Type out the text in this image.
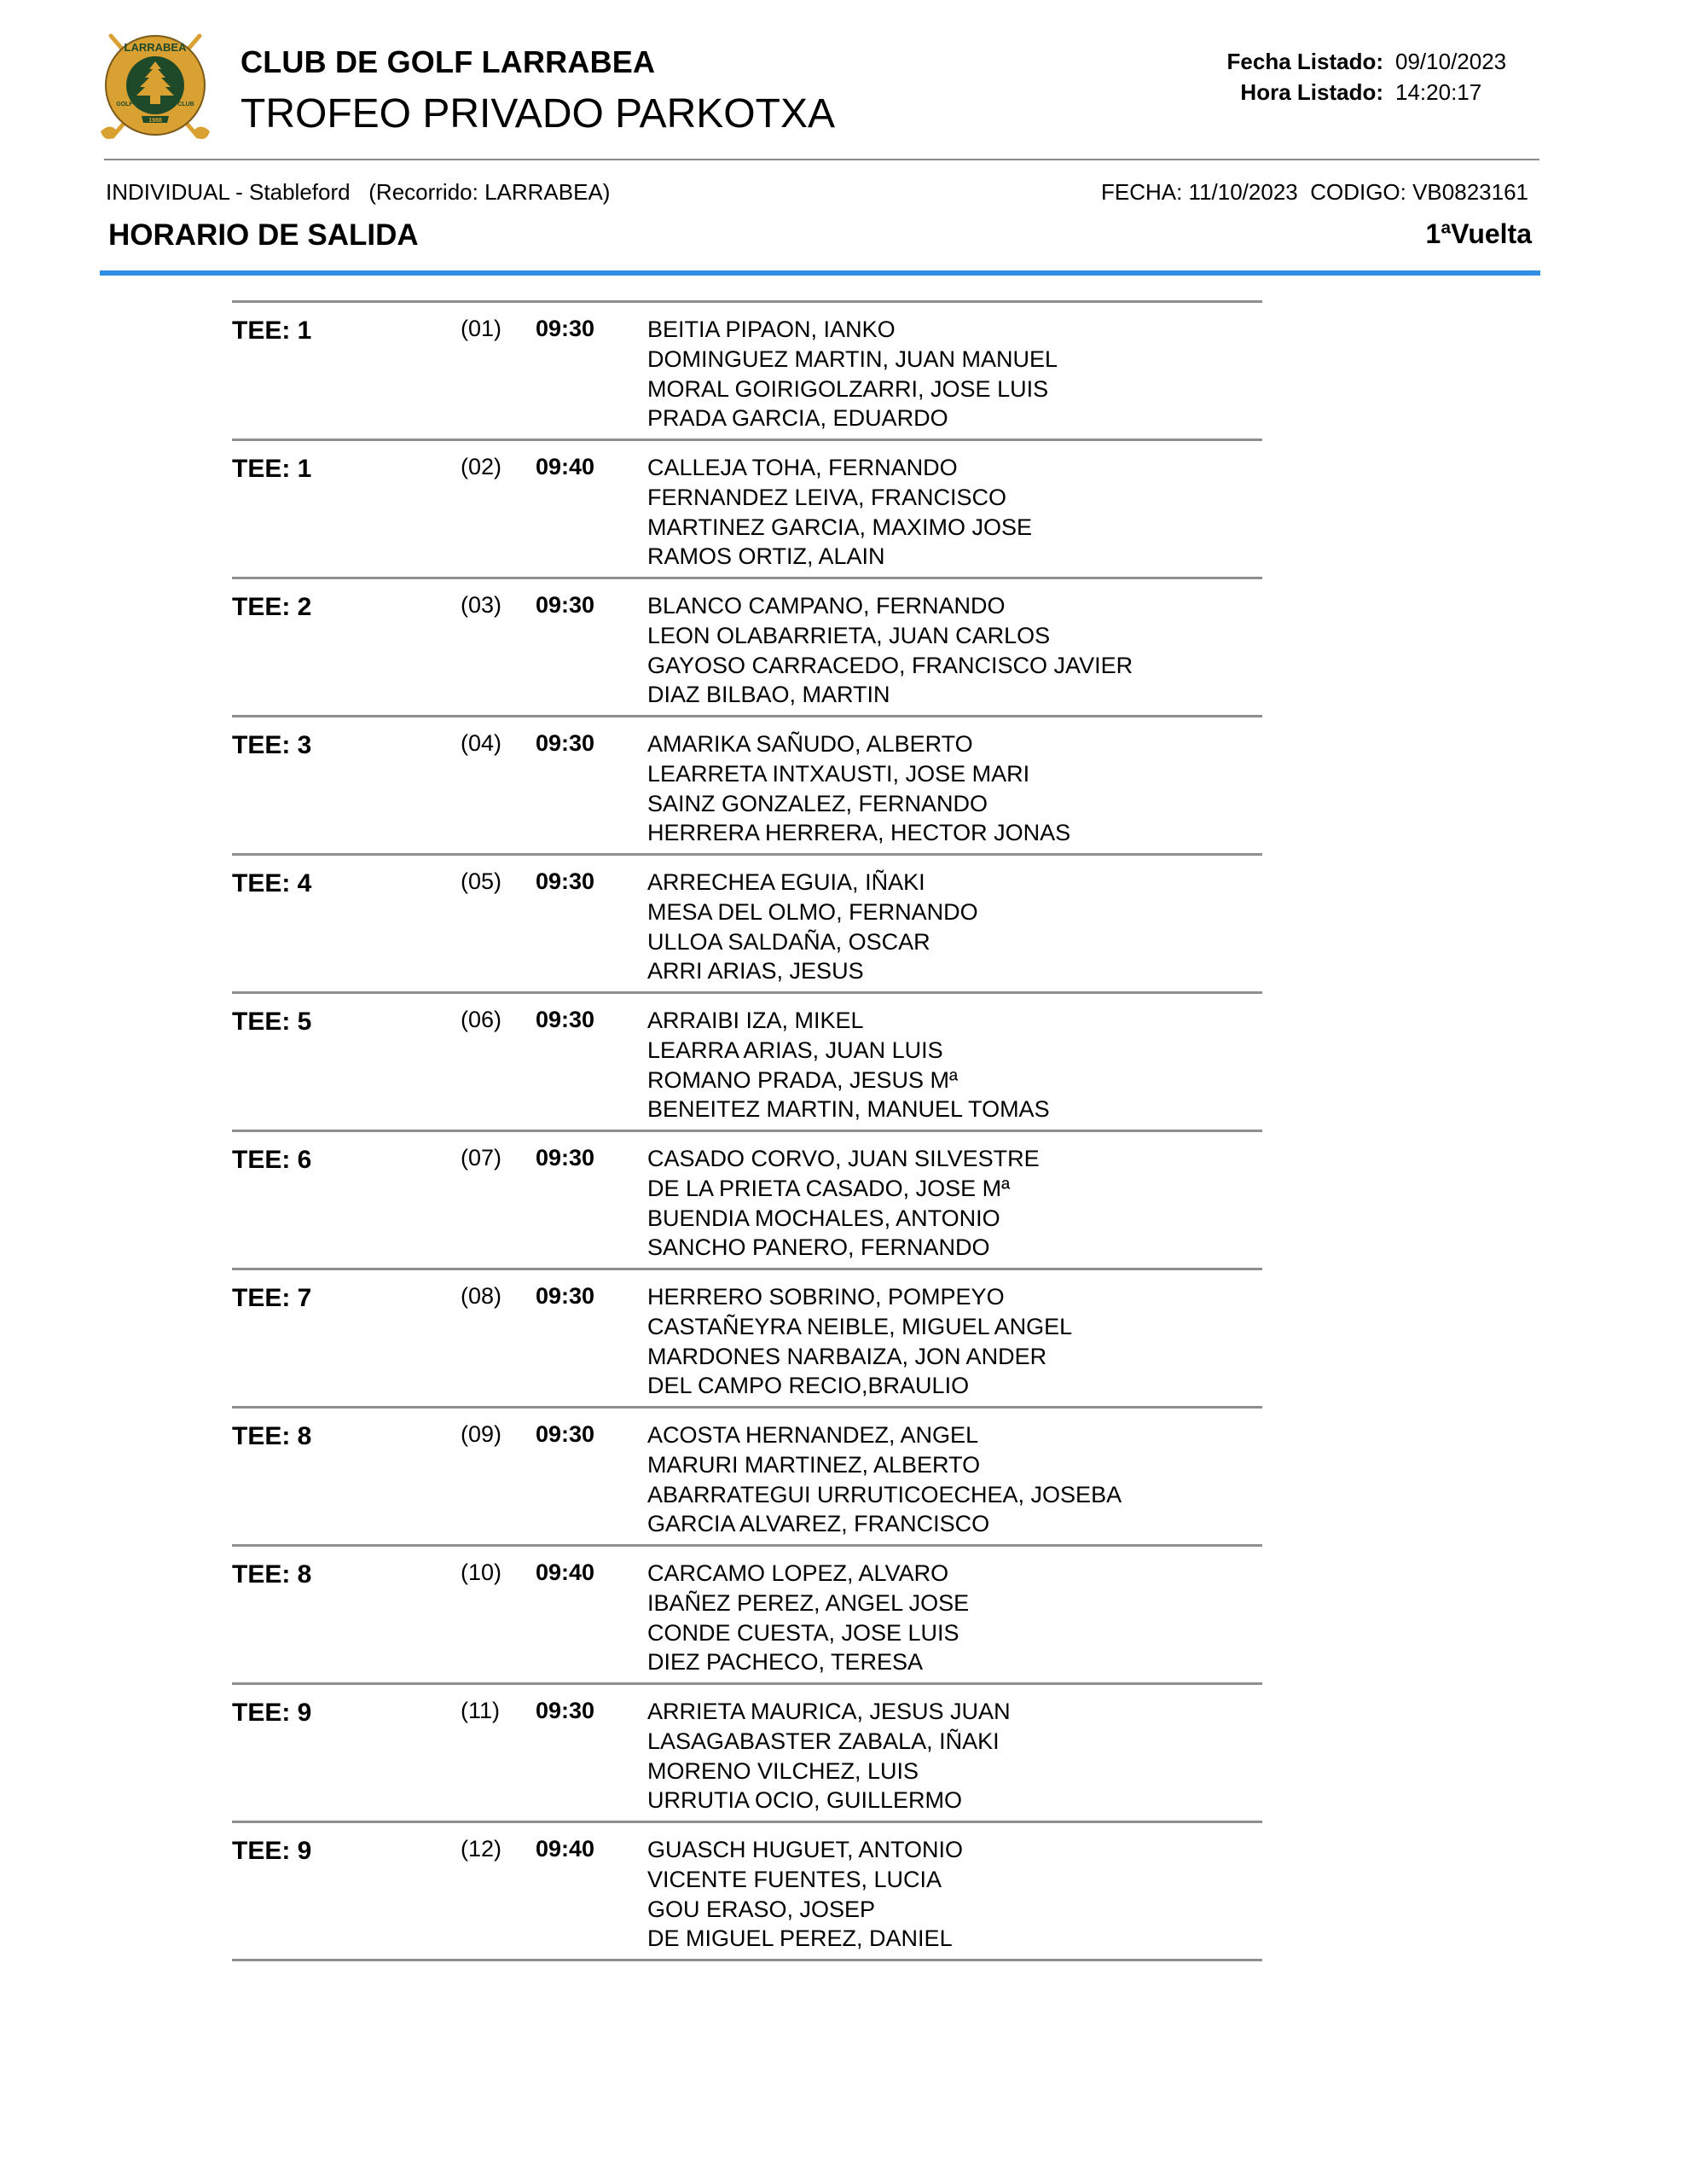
1988
LARRABEA
GOLF	CLUB
CLUB DE GOLF LARRABEA
TROFEO PRIVADO PARKOTXA
Fecha Listado: 09/10/2023
Hora Listado: 14:20:17
INDIVIDUAL - Stableford   (Recorrido: LARRABEA)	FECHA: 11/10/2023  CODIGO: VB0823161
HORARIO DE SALIDA	1ªVuelta
TEE: 1	(01) 09:30 BEITIA PIPAON, IANKO
DOMINGUEZ MARTIN, JUAN MANUEL
MORAL GOIRIGOLZARRI, JOSE LUIS
PRADA GARCIA, EDUARDO
TEE: 1	(02) 09:40 CALLEJA TOHA, FERNANDO
FERNANDEZ LEIVA, FRANCISCO
MARTINEZ GARCIA, MAXIMO JOSE
RAMOS ORTIZ, ALAIN
TEE: 2	(03) 09:30 BLANCO CAMPANO, FERNANDO
LEON OLABARRIETA, JUAN CARLOS
GAYOSO CARRACEDO, FRANCISCO JAVIER
DIAZ BILBAO, MARTIN
TEE: 3	(04) 09:30 AMARIKA SAÑUDO, ALBERTO
LEARRETA INTXAUSTI, JOSE MARI
SAINZ GONZALEZ, FERNANDO
HERRERA HERRERA, HECTOR JONAS
TEE: 4	(05) 09:30 ARRECHEA EGUIA, IÑAKI
MESA DEL OLMO, FERNANDO
ULLOA SALDAÑA, OSCAR
ARRI ARIAS, JESUS
TEE: 5	(06) 09:30 ARRAIBI IZA, MIKEL
LEARRA ARIAS, JUAN LUIS
ROMANO PRADA, JESUS Mª
BENEITEZ MARTIN, MANUEL TOMAS
TEE: 6	(07) 09:30 CASADO CORVO, JUAN SILVESTRE
DE LA PRIETA CASADO, JOSE Mª
BUENDIA MOCHALES, ANTONIO
SANCHO PANERO, FERNANDO
TEE: 7	(08) 09:30 HERRERO SOBRINO, POMPEYO
CASTAÑEYRA NEIBLE, MIGUEL ANGEL
MARDONES NARBAIZA, JON ANDER
DEL CAMPO RECIO,BRAULIO
TEE: 8	(09) 09:30 ACOSTA HERNANDEZ, ANGEL
MARURI MARTINEZ, ALBERTO
ABARRATEGUI URRUTICOECHEA, JOSEBA
GARCIA ALVAREZ, FRANCISCO
TEE: 8	(10) 09:40 CARCAMO LOPEZ, ALVARO
IBAÑEZ PEREZ, ANGEL JOSE
CONDE CUESTA, JOSE LUIS
DIEZ PACHECO, TERESA
TEE: 9	(11) 09:30 ARRIETA MAURICA, JESUS JUAN
LASAGABASTER ZABALA, IÑAKI
MORENO VILCHEZ, LUIS
URRUTIA OCIO, GUILLERMO
TEE: 9	(12) 09:40 GUASCH HUGUET, ANTONIO
VICENTE FUENTES, LUCIA
GOU ERASO, JOSEP
DE MIGUEL PEREZ, DANIEL
